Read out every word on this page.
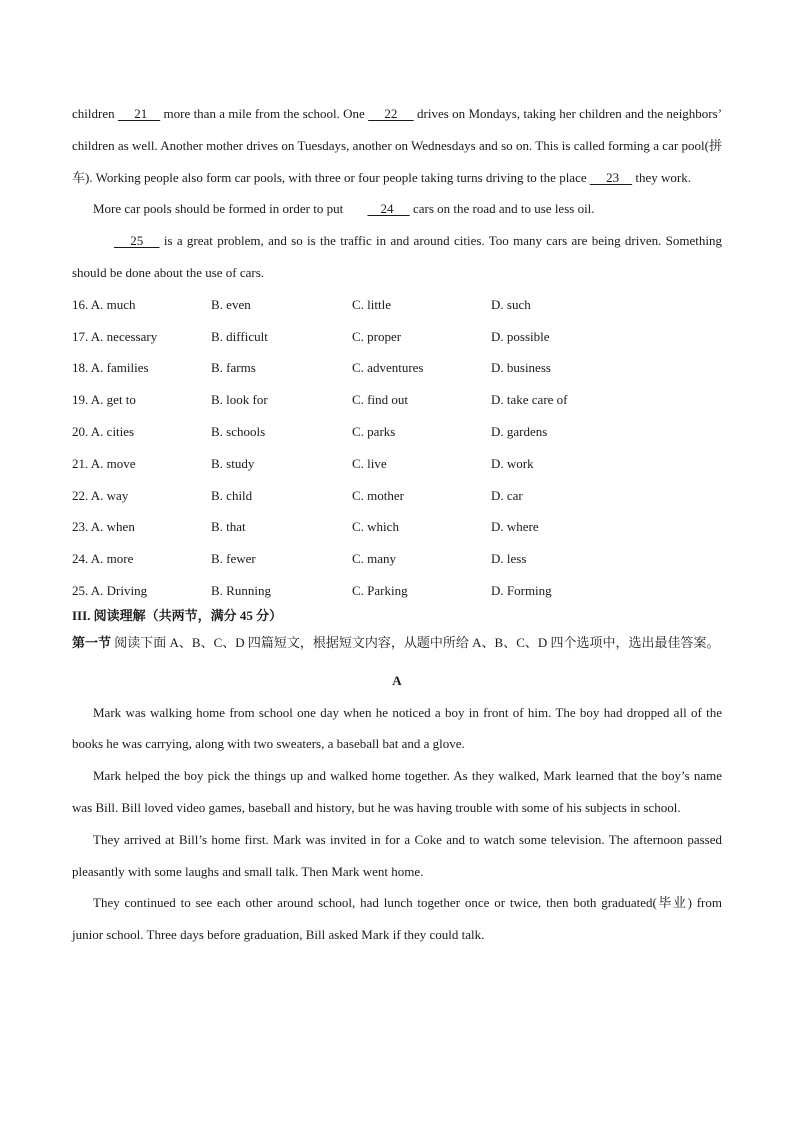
children      21     more than a mile from the school. One      22      drives on Mondays, taking her children and the neighbors’ children as well. Another mother drives on Tuesdays, another on Wednesdays and so on. This is called forming a car pool(拼车). Working people also form car pools, with three or four people taking turns driving to the place      23     they work.

More car pools should be formed in order to put     24      cars on the road and to use less oil.

25      is a great problem, and so is the traffic in and around cities. Too many cars are being driven. Something should be done about the use of cars.

16. A. much	B. even	C. little	D. such
17. A. necessary	B. difficult	C. proper	D. possible
18. A. families	B. farms	C. adventures	D. business
19. A. get to	B. look for	C. find out	D. take care of
20. A. cities	B. schools	C. parks	D. gardens
21. A. move	B. study	C. live	D. work
22. A. way	B. child	C. mother	D. car
23. A. when	B. that	C. which	D. where
24. A. more	B. fewer	C. many	D. less
25. A. Driving	B. Running	C. Parking	D. Forming
III. 阅读理解（共两节，满分 45 分）
第一节 阅读下面 A、B、C、D 四篇短文，根据短文内容，从题中所给 A、B、C、D 四个选项中，选出最佳答案。
A

Mark was walking home from school one day when he noticed a boy in front of him. The boy had dropped all of the books he was carrying, along with two sweaters, a baseball bat and a glove.

Mark helped the boy pick the things up and walked home together. As they walked, Mark learned that the boy’s name was Bill. Bill loved video games, baseball and history, but he was having trouble with some of his subjects in school.

They arrived at Bill’s home first. Mark was invited in for a Coke and to watch some television. The afternoon passed pleasantly with some laughs and small talk. Then Mark went home.

They continued to see each other around school, had lunch together once or twice, then both graduated(毕业) from junior school. Three days before graduation, Bill asked Mark if they could talk.
